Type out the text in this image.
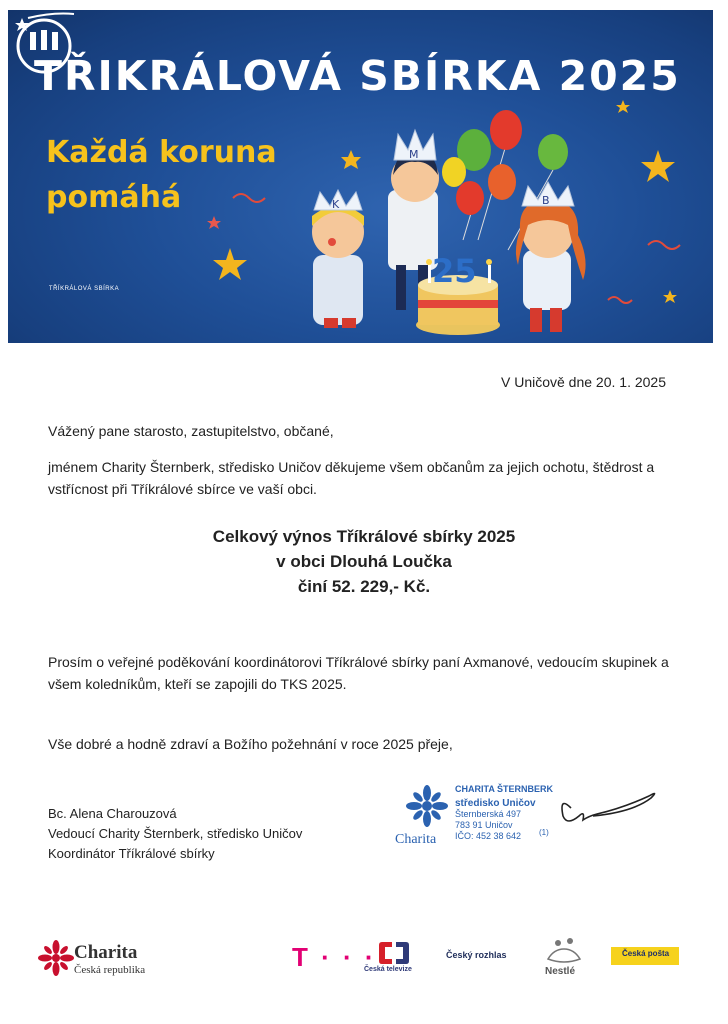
K
M
25
B
TŘIKRÁLOVÁ SBÍRKA 2025
Každá koruna
pomáhá
TŘÍKRÁLOVÁ SBÍRKA
V Uničově dne 20. 1. 2025
Vážený pane starosto, zastupitelstvo, občané,
jménem Charity Šternberk, středisko Uničov děkujeme všem občanům za jejich ochotu, štědrost a vstřícnost při Tříkrálové sbírce ve vaší obci.
Celkový výnos Tříkrálové sbírky 2025
v obci Dlouhá Loučka
činí 52. 229,- Kč.
Prosím o veřejné poděkování koordinátorovi Tříkrálové sbírky paní Axmanové, vedoucím skupinek a všem koledníkům, kteří se zapojili do TKS 2025.
Vše dobré a hodně zdraví a Božího požehnání v roce 2025 přeje,
Bc. Alena Charouzová
Vedoucí Charity Šternberk, středisko Uničov
Koordinátor Tříkrálové sbírky
Charita
CHARITA ŠTERNBERK
středisko Uničov
Šternberská 497
783 91 Uničov
IČO: 452 38 642	(1)
Charita
Česká republika	T · · ·
Česká televize
Český rozhlas
Nestlé
Česká pošta
